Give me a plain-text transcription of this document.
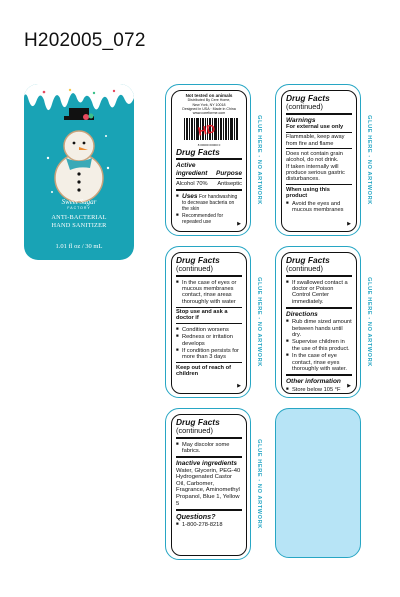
H202005_072
Sweet Sugar
FACTORY
ANTI-BACTERIAL
HAND SANITIZER
1.01 fl oz / 30 mL
Not tested on animals
Distributed By Cere Home,
New York, NY 10018
Designed in USA · Made in China
www.coreforme.com
HD
8 00000 00000 0
Drug Facts
Active ingredient	Purpose
Alcohol 70% Antiseptic
■ Uses For handwashing to decrease bacteria on the skin
■ Recommended for repeated use	▶
GLUE HERE - NO ARTWORK
Drug Facts
(continued)
Warnings
For external use only
Flammable, keep away from fire and flame
Does not contain grain alcohol, do not drink.
If taken internally will produce serious gastric disturbances.
When using this product
■ Avoid the eyes and mucous membranes
▶
GLUE HERE - NO ARTWORK
Drug Facts
(continued)
■ In the case of eyes or mucous membranes contact, rinse areas thoroughly with water
Stop use and ask a doctor if
■ Condition worsens
■ Redness or irritation develops
■ If condition persists for more than 3 days
Keep out of reach of children
▶
GLUE HERE - NO ARTWORK
Drug Facts
(continued)
■ If swallowed contact a doctor or Poison Control Center immediately.
Directions
■ Rub dime sized amount between hands until dry.
■ Supervise children in the use of this product.
■ In the case of eye contact, rinse eyes thoroughly with water.
Other information
■ Store below 105 °F
▶
GLUE HERE - NO ARTWORK
Drug Facts
(continued)
■ May discolor some fabrics.
Inactive ingredients
Water, Glycerin, PEG-40 Hydrogenated Castor Oil, Carbomer, Fragrance, Aminomethyl Propanol, Blue 1, Yellow 5
Questions?
■ 1-800-278-8218	GLUE HERE - NO ARTWORK
